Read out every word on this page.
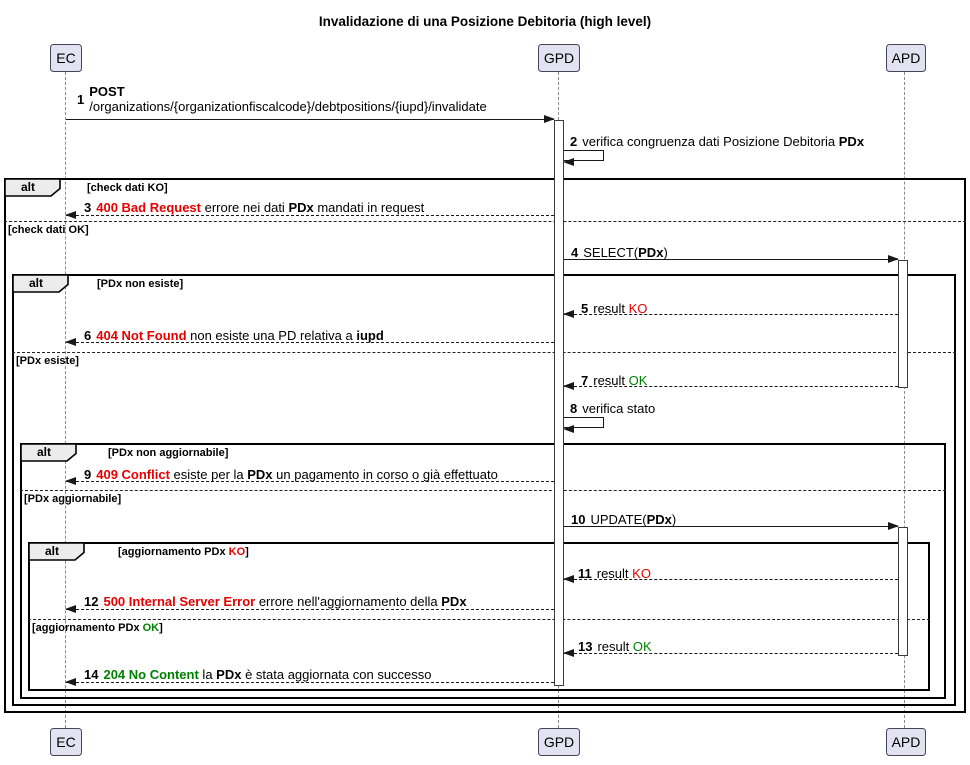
Invalidazione di una Posizione Debitoria (high level)
EC	GPD	APD
alt	[check dati KO]
alt	[PDx non esiste]
alt	[PDx non aggiornabile]
alt	[aggiornamento PDx KO]
[check dati OK]
[PDx esiste]
[PDx aggiornabile]
[aggiornamento PDx OK]
1 POST
/organizations/{organizationfiscalcode}/debtpositions/{iupd}/invalidate
2 verifica congruenza dati Posizione Debitoria PDx
3 400 Bad Request errore nei dati PDx mandati in request
4 SELECT(PDx)
5 result KO
6 404 Not Found non esiste una PD relativa a iupd
7 result OK
8 verifica stato
9 409 Conflict esiste per la PDx un pagamento in corso o già effettuato
10 UPDATE(PDx)
11 result KO
12 500 Internal Server Error errore nell'aggiornamento della PDx
13 result OK
14 204 No Content la PDx è stata aggiornata con successo
EC	GPD	APD
